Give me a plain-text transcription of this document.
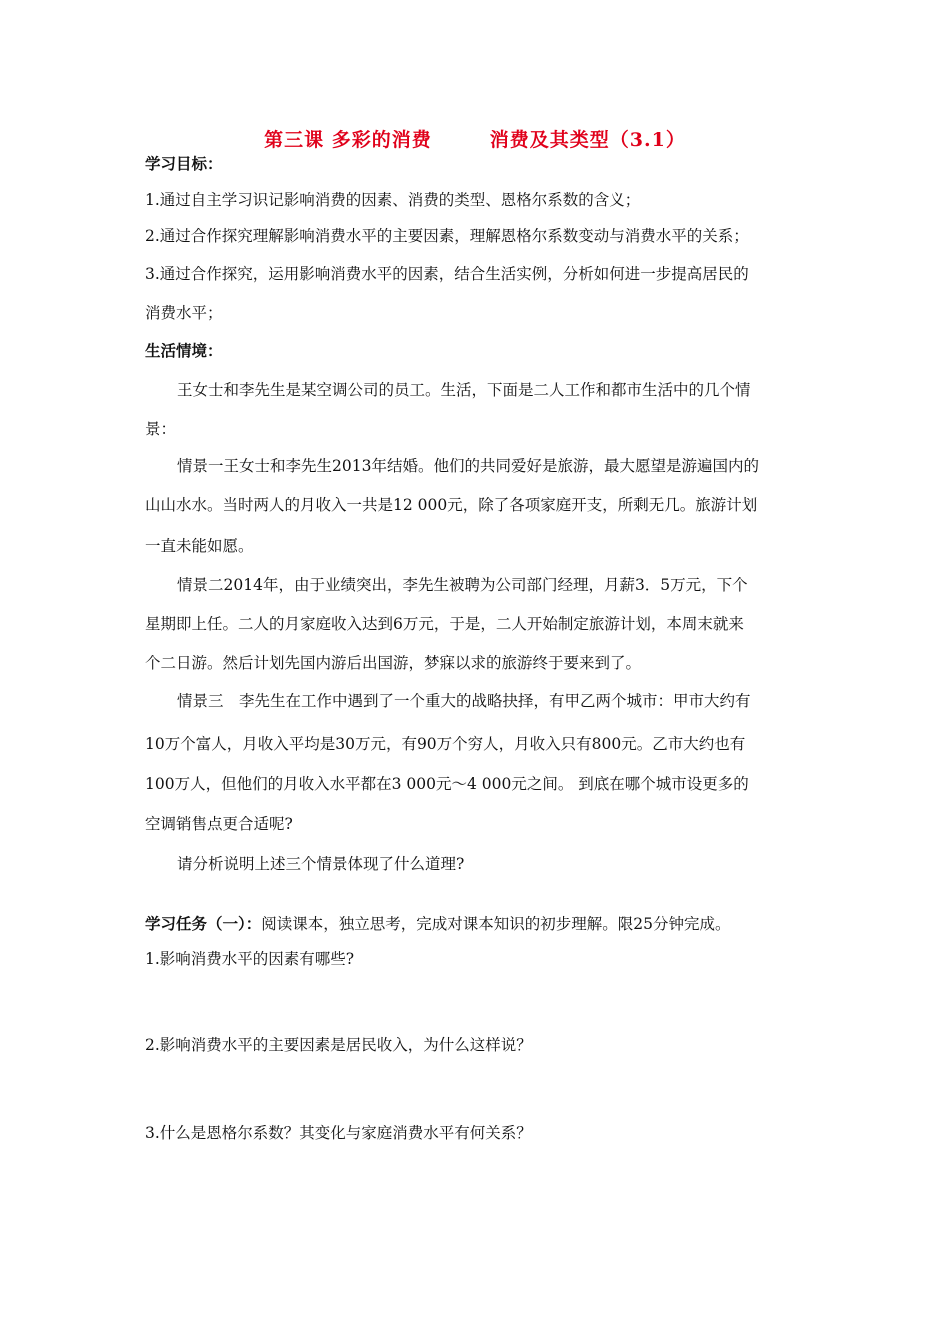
第三课 多彩的消费	消费及其类型（3.1）
学习目标：
1.通过自主学习识记影响消费的因素、消费的类型、恩格尔系数的含义；
2.通过合作探究理解影响消费水平的主要因素，理解恩格尔系数变动与消费水平的关系；
3.通过合作探究，运用影响消费水平的因素，结合生活实例，分析如何进一步提高居民的
消费水平；
生活情境：
王女士和李先生是某空调公司的员工。生活，下面是二人工作和都市生活中的几个情
景：
情景一王女士和李先生2013年结婚。他们的共同爱好是旅游，最大愿望是游遍国内的
山山水水。当时两人的月收入一共是12 000元，除了各项家庭开支，所剩无几。旅游计划
一直未能如愿。
情景二2014年，由于业绩突出，李先生被聘为公司部门经理，月薪3．5万元，下个
星期即上任。二人的月家庭收入达到6万元，于是，二人开始制定旅游计划，本周末就来
个二日游。然后计划先国内游后出国游，梦寐以求的旅游终于要来到了。
情景三　李先生在工作中遇到了一个重大的战略抉择，有甲乙两个城市：甲市大约有
10万个富人，月收入平均是30万元，有90万个穷人，月收入只有800元。乙市大约也有
100万人，但他们的月收入水平都在3 000元～4 000元之间。 到底在哪个城市设更多的
空调销售点更合适呢?
请分析说明上述三个情景体现了什么道理?
学习任务（一）：阅读课本，独立思考，完成对课本知识的初步理解。限25分钟完成。
1.影响消费水平的因素有哪些?
2.影响消费水平的主要因素是居民收入，为什么这样说？
3.什么是恩格尔系数？其变化与家庭消费水平有何关系？
